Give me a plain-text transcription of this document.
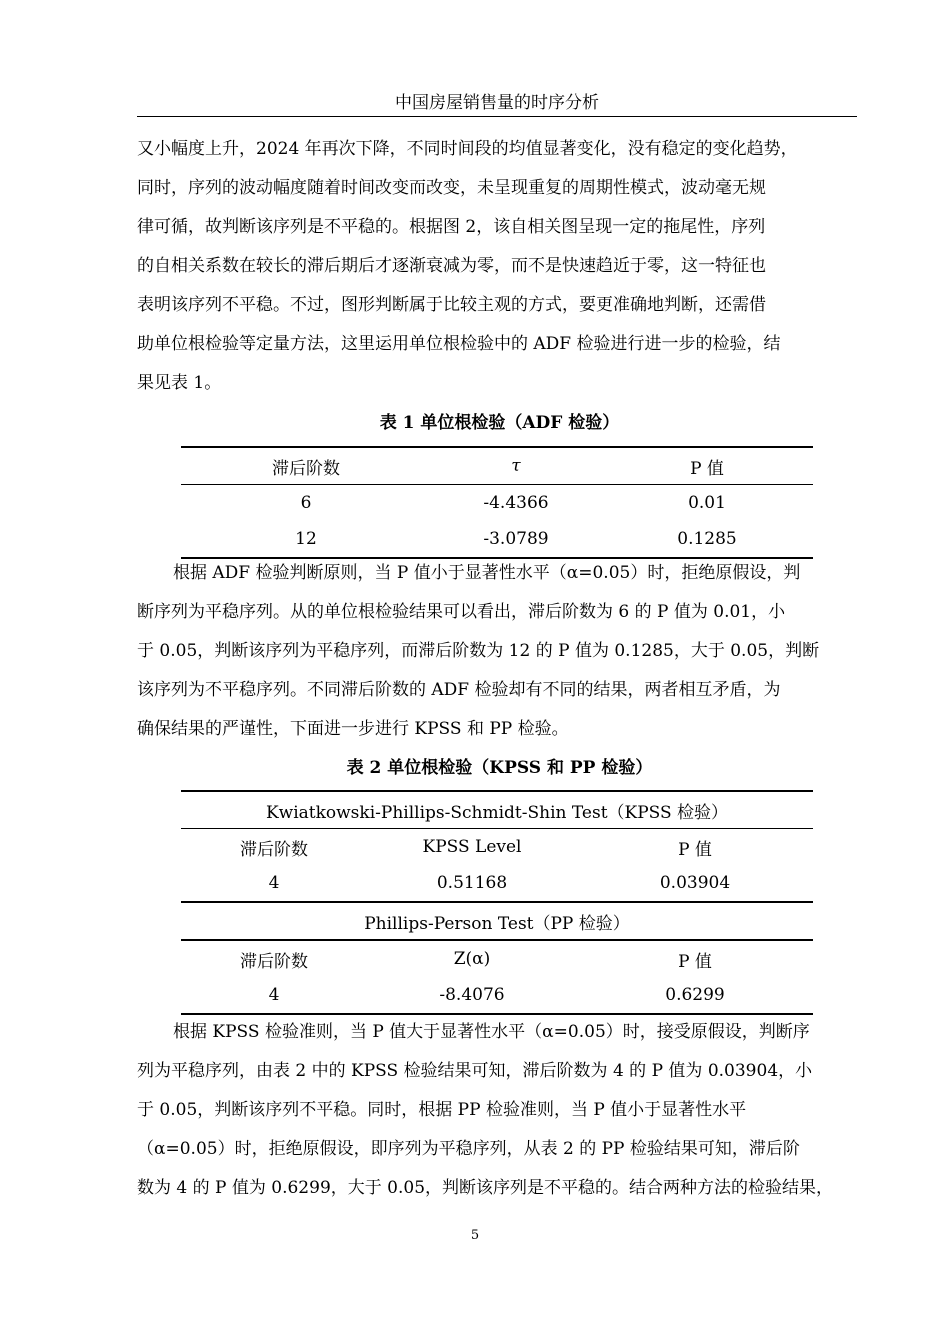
中国房屋销售量的时序分析
又小幅度上升，2024 年再次下降，不同时间段的均值显著变化，没有稳定的变化趋势，
同时，序列的波动幅度随着时间改变而改变，未呈现重复的周期性模式，波动毫无规
律可循，故判断该序列是不平稳的。根据图 2，该自相关图呈现一定的拖尾性，序列
的自相关系数在较长的滞后期后才逐渐衰减为零，而不是快速趋近于零，这一特征也
表明该序列不平稳。不过，图形判断属于比较主观的方式，要更准确地判断，还需借
助单位根检验等定量方法，这里运用单位根检验中的 ADF 检验进行进一步的检验，结
果见表 1。
表 1 单位根检验（ADF 检验）
滞后阶数	τ	P 值
6	-4.4366	0.01
12	-3.0789	0.1285
根据 ADF 检验判断原则，当 P 值小于显著性水平（α=0.05）时，拒绝原假设，判
断序列为平稳序列。从的单位根检验结果可以看出，滞后阶数为 6 的 P 值为 0.01，小
于 0.05，判断该序列为平稳序列，而滞后阶数为 12 的 P 值为 0.1285，大于 0.05，判断
该序列为不平稳序列。不同滞后阶数的 ADF 检验却有不同的结果，两者相互矛盾，为
确保结果的严谨性，下面进一步进行 KPSS 和 PP 检验。
表 2 单位根检验（KPSS 和 PP 检验）
Kwiatkowski-Phillips-Schmidt-Shin Test（KPSS 检验）		
滞后阶数	KPSS Level	P 值
4	0.51168	0.03904
Phillips-Person Test（PP 检验）		
滞后阶数	Z(α)	P 值
4	-8.4076	0.6299
根据 KPSS 检验准则，当 P 值大于显著性水平（α=0.05）时，接受原假设，判断序
列为平稳序列，由表 2 中的 KPSS 检验结果可知，滞后阶数为 4 的 P 值为 0.03904，小
于 0.05，判断该序列不平稳。同时，根据 PP 检验准则，当 P 值小于显著性水平
（α=0.05）时，拒绝原假设，即序列为平稳序列，从表 2 的 PP 检验结果可知，滞后阶
数为 4 的 P 值为 0.6299，大于 0.05，判断该序列是不平稳的。结合两种方法的检验结果，
5
